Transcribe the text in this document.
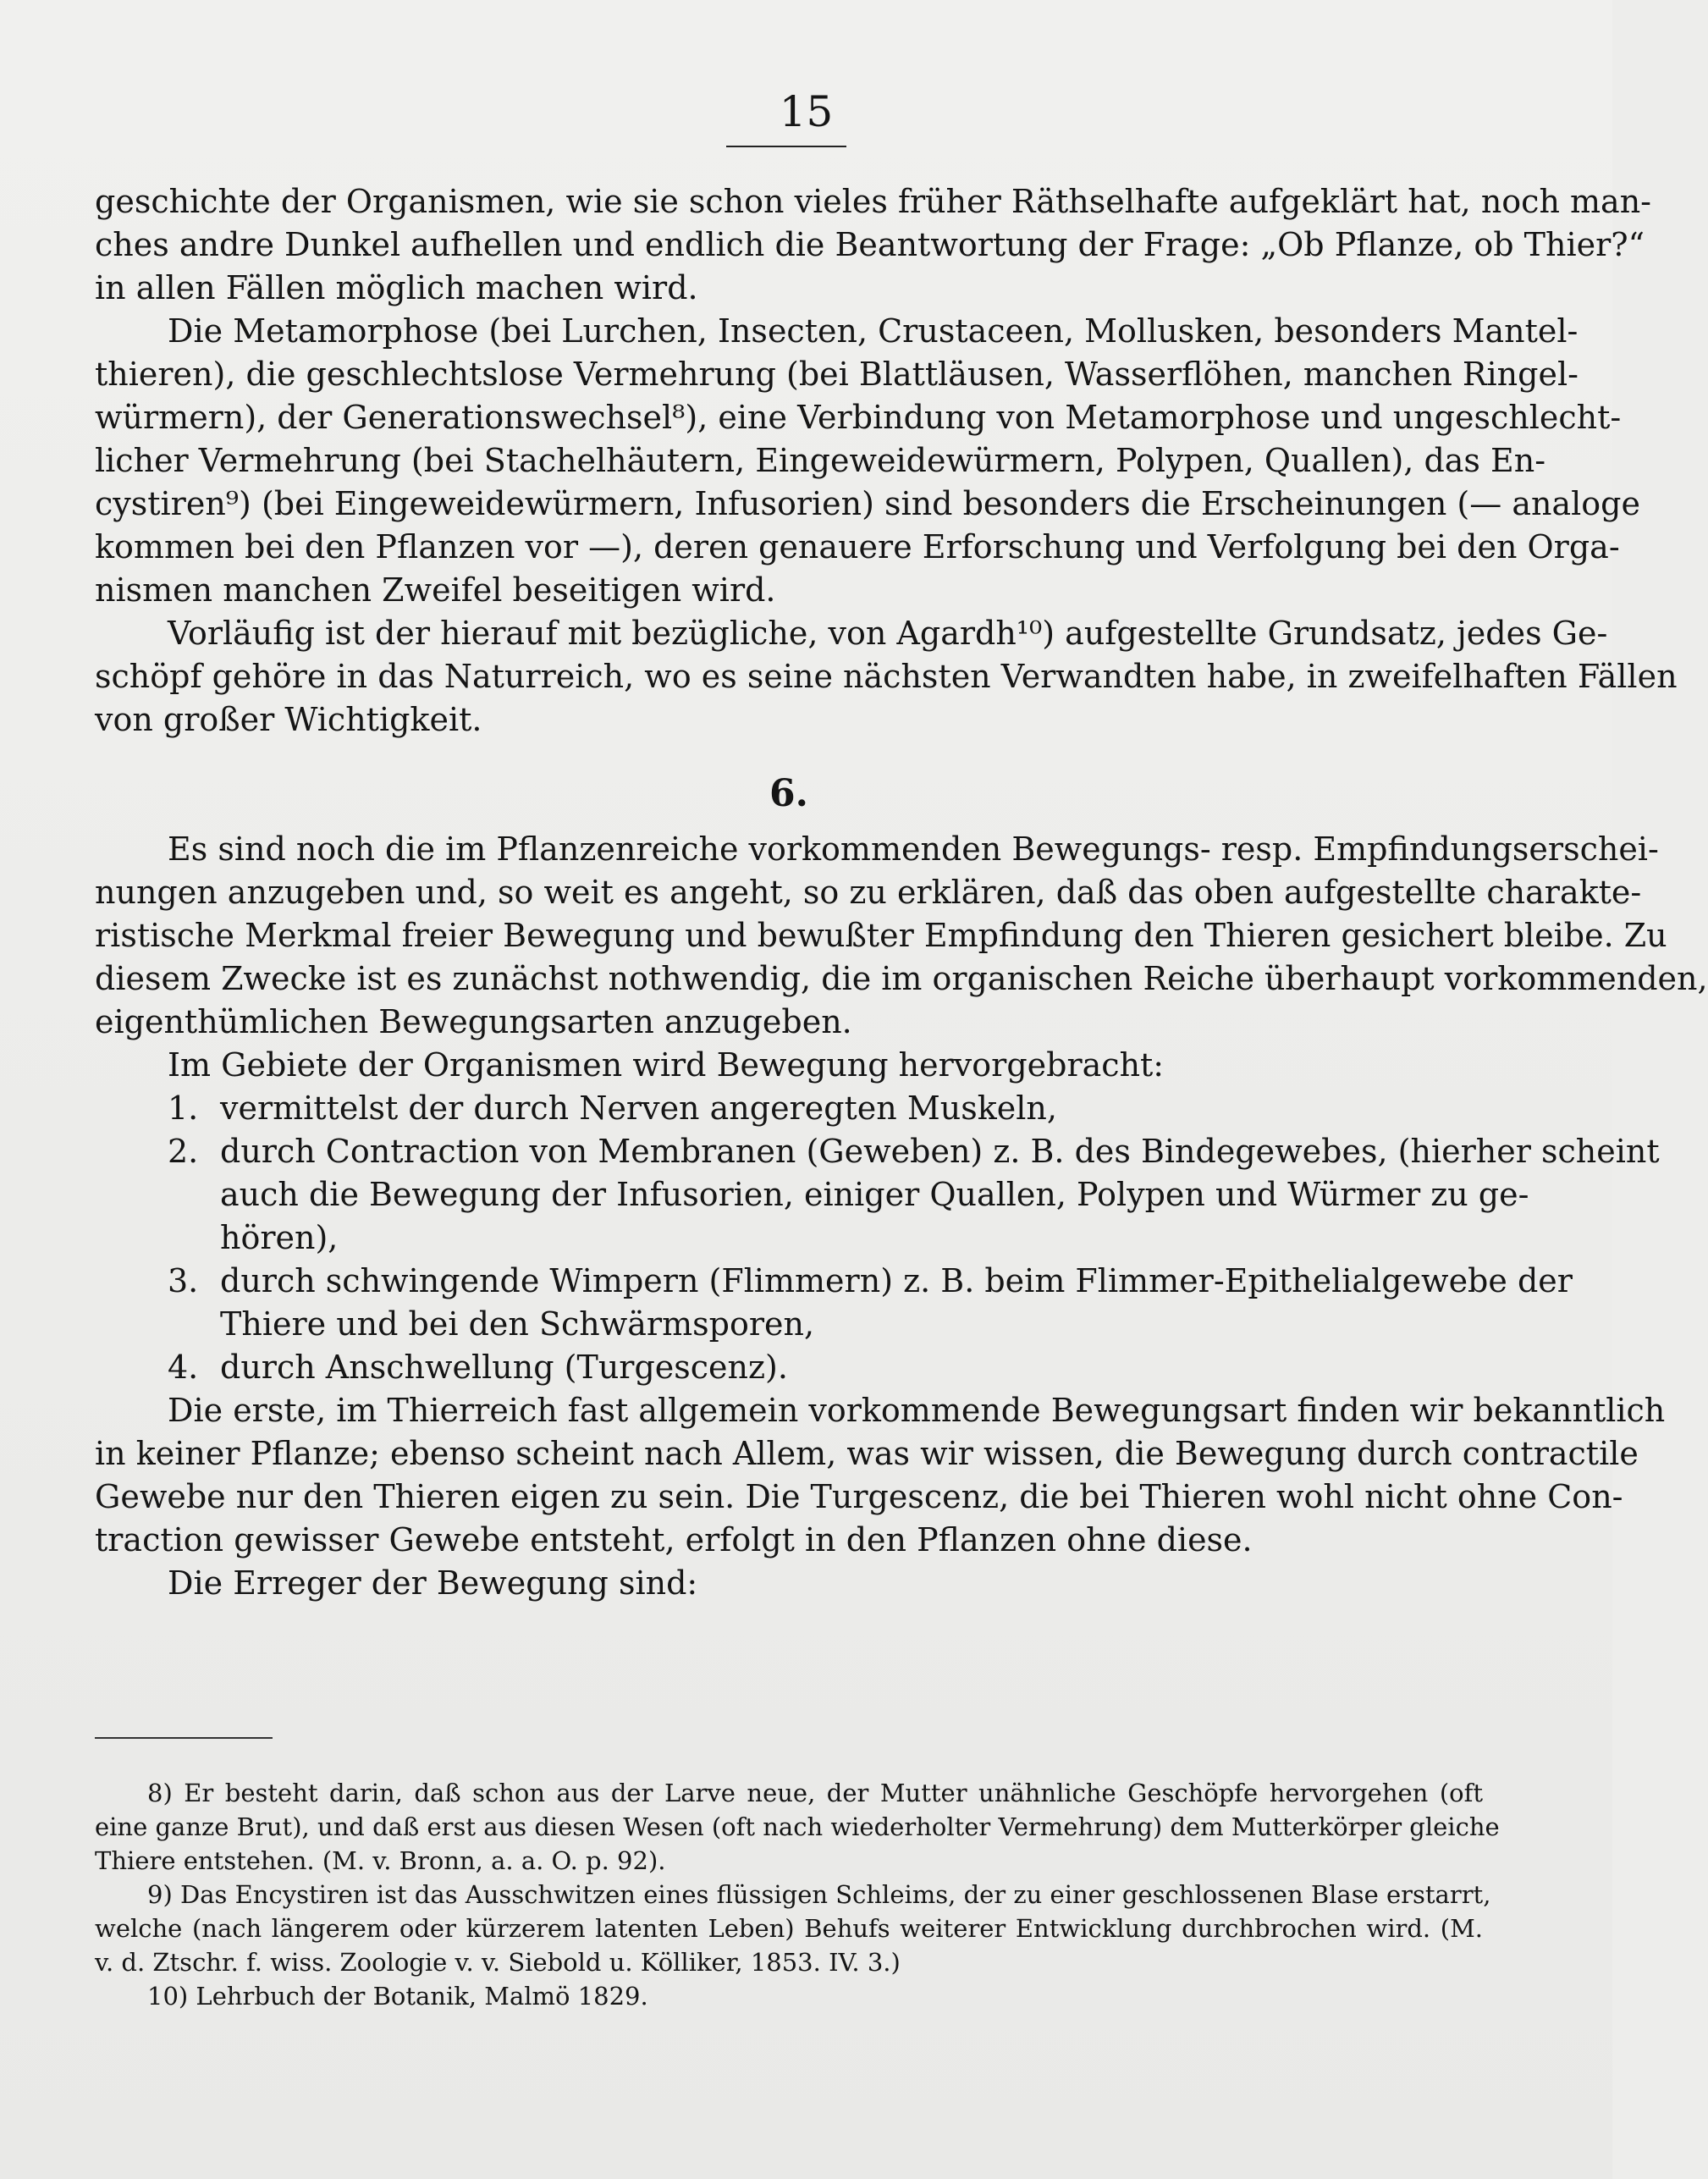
15
geschichte der Organismen, wie sie schon vieles früher Räthselhafte aufgeklärt hat, noch man-
ches andre Dunkel aufhellen und endlich die Beantwortung der Frage: „Ob Pflanze, ob Thier?“
in allen Fällen möglich machen wird.
Die Metamorphose (bei Lurchen, Insecten, Crustaceen, Mollusken, besonders Mantel-
thieren), die geschlechtslose Vermehrung (bei Blattläusen, Wasserflöhen, manchen Ringel-
würmern), der Generationswechsel⁸), eine Verbindung von Metamorphose und ungeschlecht-
licher Vermehrung (bei Stachelhäutern, Eingeweidewürmern, Polypen, Quallen), das En-
cystiren⁹) (bei Eingeweidewürmern, Infusorien) sind besonders die Erscheinungen (— analoge
kommen bei den Pflanzen vor —), deren genauere Erforschung und Verfolgung bei den Orga-
nismen manchen Zweifel beseitigen wird.
Vorläufig ist der hierauf mit bezügliche, von Agardh¹⁰) aufgestellte Grundsatz, jedes Ge-
schöpf gehöre in das Naturreich, wo es seine nächsten Verwandten habe, in zweifelhaften Fällen
von großer Wichtigkeit.
6.
Es sind noch die im Pflanzenreiche vorkommenden Bewegungs- resp. Empfindungserschei-
nungen anzugeben und, so weit es angeht, so zu erklären, daß das oben aufgestellte charakte-
ristische Merkmal freier Bewegung und bewußter Empfindung den Thieren gesichert bleibe. Zu
diesem Zwecke ist es zunächst nothwendig, die im organischen Reiche überhaupt vorkommenden,
eigenthümlichen Bewegungsarten anzugeben.
Im Gebiete der Organismen wird Bewegung hervorgebracht:
1. vermittelst der durch Nerven angeregten Muskeln,
2. durch Contraction von Membranen (Geweben) z. B. des Bindegewebes, (hierher scheint
auch die Bewegung der Infusorien, einiger Quallen, Polypen und Würmer zu ge-
hören),
3. durch schwingende Wimpern (Flimmern) z. B. beim Flimmer-Epithelialgewebe der
Thiere und bei den Schwärmsporen,
4. durch Anschwellung (Turgescenz).
Die erste, im Thierreich fast allgemein vorkommende Bewegungsart finden wir bekanntlich
in keiner Pflanze; ebenso scheint nach Allem, was wir wissen, die Bewegung durch contractile
Gewebe nur den Thieren eigen zu sein. Die Turgescenz, die bei Thieren wohl nicht ohne Con-
traction gewisser Gewebe entsteht, erfolgt in den Pflanzen ohne diese.
Die Erreger der Bewegung sind:
8) Er besteht darin, daß schon aus der Larve neue, der Mutter unähnliche Geschöpfe hervorgehen (oft
eine ganze Brut), und daß erst aus diesen Wesen (oft nach wiederholter Vermehrung) dem Mutterkörper gleiche
Thiere entstehen. (M. v. Bronn, a. a. O. p. 92).
9) Das Encystiren ist das Ausschwitzen eines flüssigen Schleims, der zu einer geschlossenen Blase erstarrt,
welche (nach längerem oder kürzerem latenten Leben) Behufs weiterer Entwicklung durchbrochen wird. (M.
v. d. Ztschr. f. wiss. Zoologie v. v. Siebold u. Kölliker, 1853. IV. 3.)
10) Lehrbuch der Botanik, Malmö 1829.
